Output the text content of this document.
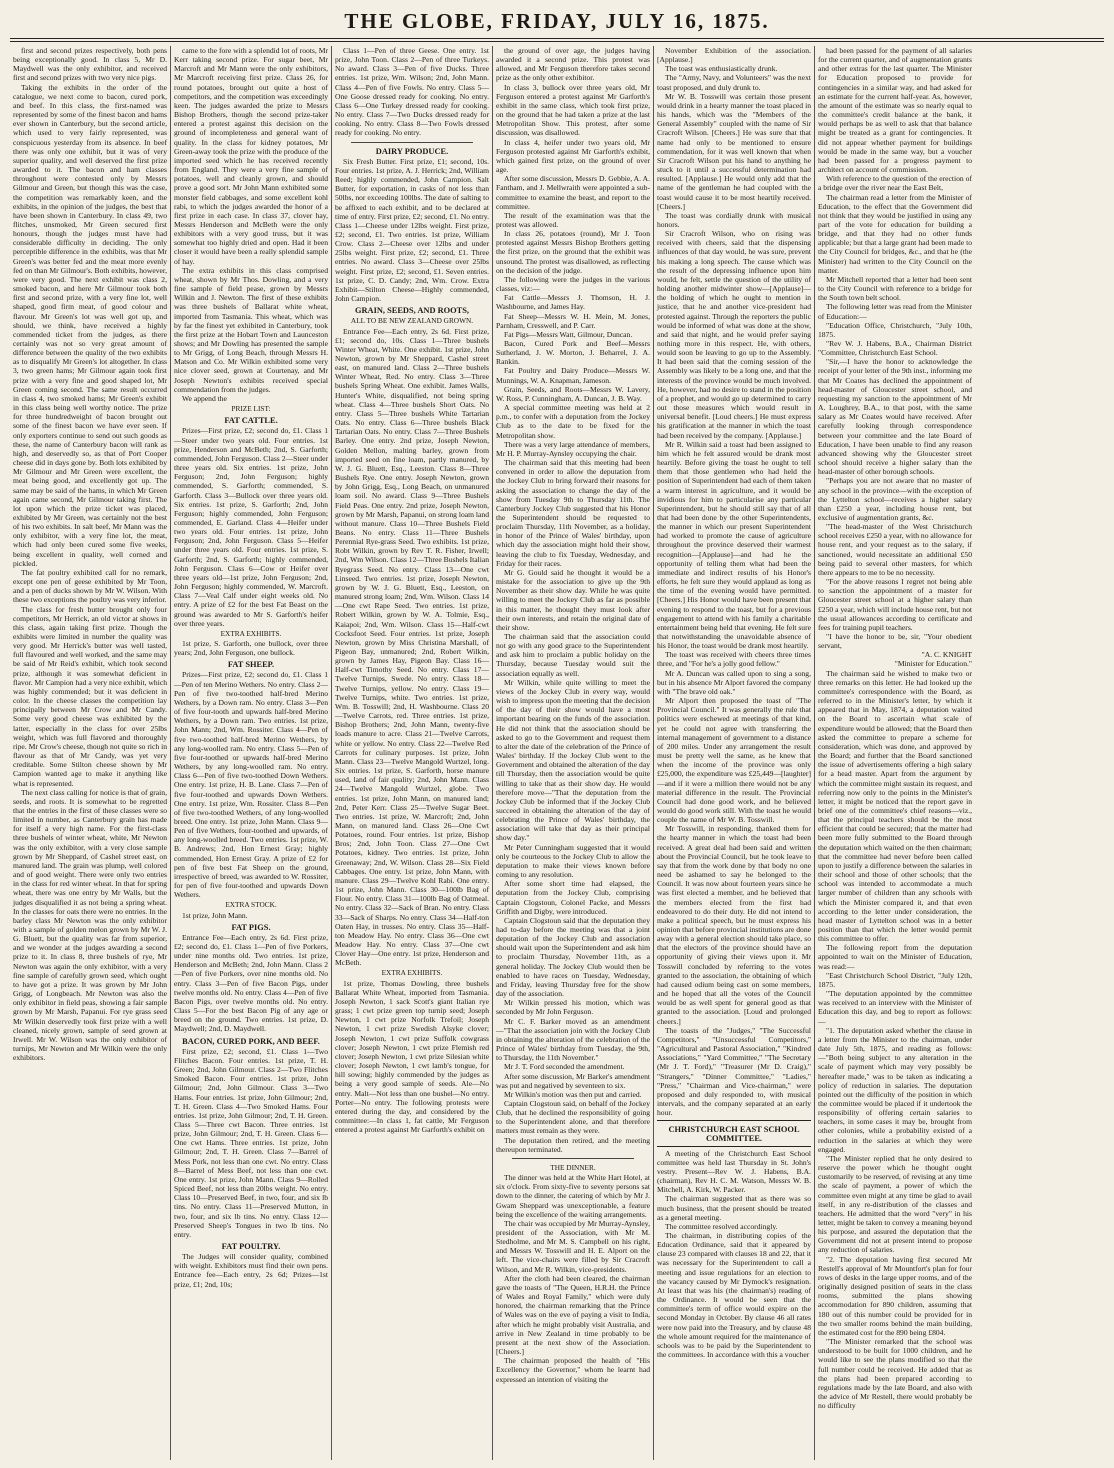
THE GLOBE, FRIDAY, JULY 16, 1875.

first and second prizes respectively, both pens being exceptionally good. In class 5, Mr D. Maydwell was the only exhibitor, and received first and second prizes with two very nice pigs.

Taking the exhibits in the order of the catalogue, we next come to bacon, cured pork, and beef. In this class, the first-named was represented by some of the finest bacon and hams ever shown in Canterbury, but the second article, which used to very fairly represented, was conspicuous yesterday from its absence. In beef there was only one exhibit, but it was of very superior quality, and well deserved the first prize awarded to it. The bacon and ham classes throughout were contested only by Messrs Gilmour and Green, but though this was the case, the competition was remarkably keen, and the exhibits, in the opinion of the judges, the best that have been shown in Canterbury. In class 49, two flitches, unsmoked, Mr Green secured first honours, though the judges must have had considerable difficulty in deciding. The only perceptible difference in the exhibits, was that Mr Green's was better fed and the meat more evenly fed on than Mr Gilmour's. Both exhibits, however, were very good. The next exhibit was class 2, smoked bacon, and here Mr Gilmour took both first and second prize, with a very fine lot, well shaped, good firm meat, of good colour and flavour. Mr Green's lot was well got up, and should, we think, have received a highly commended ticket from the judges, as there certainly was not so very great amount of difference between the quality of the two exhibits as to disqualify Mr Green's lot altogether. In class 3, two green hams; Mr Gilmour again took first prize with a very fine and good shaped lot, Mr Green coming second. The same result occurred in class 4, two smoked hams; Mr Green's exhibit in this class being well worthy notice. The prize for three hundredweight of bacon brought out some of the finest bacon we have ever seen. If only exporters continue to send out such goods as these, the name of Canterbury bacon will rank as high, and deservedly so, as that of Port Cooper cheese did in days gone by. Both lots exhibited by Mr Gilmour and Mr Green were excellent, the meat being good, and excellently got up. The same may be said of the hams, in which Mr Green again came second, Mr Gilmour taking first. The lot upon which the prize ticket was placed, exhibited by Mr Green, was certainly not the best of his two exhibits. In salt beef, Mr Mann was the only exhibitor, with a very fine lot, the meat, which had only been cured some five weeks, being excellent in quality, well corned and pickled.

The fat poultry exhibited call for no remark, except one pen of geese exhibited by Mr Toon, and a pen of ducks shown by Mr W. Wilson. With these two exceptions the poultry was very inferior.

The class for fresh butter brought only four competitors, Mr Herrick, an old victor at shows in this class, again taking first prize. Though the exhibits were limited in number the quality was very good. Mr Herrick's butter was well tasted, full flavoured and well worked, and the same may be said of Mr Reid's exhibit, which took second prize, although it was somewhat deficient in flavor. Mr Campion had a very nice exhibit, which was highly commended; but it was deficient in color. In the cheese classes the competition lay principally between Mr Crow and Mr Candy. Some very good cheese was exhibited by the latter, especially in the class for over 25lbs weight, which was full flavored and thoroughly ripe. Mr Crow's cheese, though not quite so rich in flavour as that of Mr Candy, was yet very creditable. Some Stilton cheese shown by Mr Campion wanted age to make it anything like what is represented.

The next class calling for notice is that of grain, seeds, and roots. It is somewhat to be regretted that the entries in the first of these classes were so limited in number, as Canterbury grain has made for itself a very high name. For the first-class three bushels of winter wheat, white, Mr Newton was the only exhibitor, with a very close sample grown by Mr Sheppard, of Cashel street east, on manured land. The grain was plump, well colored and of good weight. There were only two entries in the class for red winter wheat. In that for spring wheat, there was one entry by Mr Walls, but the judges disqualified it as not being a spring wheat. In the classes for oats there were no entries. In the barley class Mr Newton was the only exhibitor with a sample of golden melon grown by Mr W. J. G. Bluett, but the quality was far from superior, and we wonder at the judges awarding a second prize to it. In class 8, three bushels of rye, Mr Newton was again the only exhibitor, with a very fine sample of carefully grown seed, which ought to have got a prize. It was grown by Mr John Grigg, of Longbeach. Mr Newton was also the only exhibitor in field peas, showing a fair sample grown by Mr Marsh, Papanui. For rye grass seed Mr Wilkin deservedly took first prize with a well cleaned, nicely grown, sample of seed grown at Irwell. Mr W. Wilson was the only exhibitor of turnips, Mr Newton and Mr Wilkin were the only exhibitors.

came to the fore with a splendid lot of roots, Mr Kerr taking second prize. For sugar beet, Mr Marcroft and Mr Mann were the only exhibitors, Mr Marcroft receiving first prize. Class 26, for round potatoes, brought out quite a host of competitors, and the competition was exceedingly keen. The judges awarded the prize to Messrs Bishop Brothers, though the second prize-taker entered a protest against this decision on the ground of incompleteness and general want of quality. In the class for kidney potatoes, Mr Green-away took the prize with the produce of the imported seed which he has received recently from England. They were a very fine sample of potatoes, well and cleanly grown, and should prove a good sort. Mr John Mann exhibited some monster field cabbages, and some excellent kohl rabi, to which the judges awarded the honor of a first prize in each case. In class 37, clover hay, Messrs Henderson and McBeth were the only exhibitors with a very good truss, but it was somewhat too highly dried and open. Had it been closer it would have been a really splendid sample of hay.

The extra exhibits in this class comprised wheat, shown by Mr Thos. Dowling, and a very fine sample of field pease, grown by Messrs Wilkin and J. Newton. The first of these exhibits was three bushels of Ballarat white wheat, imported from Tasmania. This wheat, which was by far the finest yet exhibited in Canterbury, took the first prize at the Hobart Town and Launceston shows; and Mr Dowling has presented the sample to Mr Grigg, of Long Beach, through Messrs H. Matson and Co. Mr Wilkin exhibited some very nice clover seed, grown at Courtenay, and Mr Joseph Newton's exhibits received special commendation from the judges.

We append the

PRIZE LIST:
FAT CATTLE.

Prizes—First prize, £2; second do, £1. Class 1—Steer under two years old. Four entries. 1st prize, Henderson and McBeth; 2nd, S. Garforth; commended, John Ferguson. Class 2—Steer under three years old. Six entries. 1st prize, John Ferguson; 2nd, John Ferguson; highly commended, S. Garforth; commended, S. Garforth. Class 3—Bullock over three years old. Six entries. 1st prize, S. Garforth; 2nd, John Ferguson; highly commended, John Ferguson; commended, E. Garland. Class 4—Heifer under two years old. Four entries. 1st prize, John Ferguson; 2nd, John Ferguson. Class 5—Heifer under three years old. Four entries. 1st prize, S. Garforth; 2nd, S. Garforth; highly commended, John Ferguson. Class 6—Cow or Heifer over three years old—1st prize, John Ferguson; 2nd, John Ferguson; highly commended, W. Marcroft. Class 7—Veal Calf under eight weeks old. No entry. A prize of £2 for the best Fat Beast on the ground was awarded to Mr S. Garforth's heifer over three years.

EXTRA EXHIBITS.

1st prize, S. Garforth, one bullock, over three years; 2nd, John Ferguson, one bullock.

FAT SHEEP.

Prizes—First prize, £2; second do, £1. Class 1—Pen of ten Merino Wethers. No entry. Class 2—Pen of five two-toothed half-bred Merino Wethers, by a Down ram. No entry. Class 3—Pen of five four-tooth and upwards half-bred Merino Wethers, by a Down ram. Two entries. 1st prize, John Mann; 2nd, Wm. Rossiter. Class 4—Pen of five two-toothed half-bred Merino Wethers, by any long-woolled ram. No entry. Class 5—Pen of five four-toothed or upwards half-bred Merino Wethers, by any long-woolled ram. No entry. Class 6—Pen of five two-toothed Down Wethers. One entry. 1st prize, H. B. Lane. Class 7—Pen of five four-toothed and upwards Down Wethers. One entry. 1st prize, Wm. Rossiter. Class 8—Pen of five two-toothed Wethers, of any long-woolled breed. One entry. 1st prize, John Mann. Class 9—Pen of five Wethers, four-toothed and upwards, of any long-woolled breed. Two entries. 1st prize, W. B. Andrews; 2nd, Hon Ernest Gray; highly commended, Hon Ernest Gray. A prize of £2 for pen of five best Fat Sheep on the ground, irrespective of breed, was awarded to W. Rossiter, for pen of five four-toothed and upwards Down Wethers.

EXTRA STOCK.

1st prize, John Mann.

FAT PIGS.

Entrance Fee—Each entry, 2s 6d. First prize, £2; second do, £1. Class 1—Pen of five Porkers, under nine months old. Two entries. 1st prize, Henderson and McBeth; 2nd, John Mann. Class 2—Pen of five Porkers, over nine months old. No entry. Class 3—Pen of five Bacon Pigs, under twelve months old. No entry. Class 4—Pen of five Bacon Pigs, over twelve months old. No entry. Class 5—For the best Bacon Pig of any age or breed on the ground. Two entries. 1st prize, D. Maydwell; 2nd, D. Maydwell.

BACON, CURED PORK, AND BEEF.

First prize, £2; second, £1. Class 1—Two Flitches Bacon. Four entries. 1st prize, T. H. Green; 2nd, John Gilmour. Class 2—Two Flitches Smoked Bacon. Four entries. 1st prize, John Gilmour; 2nd, John Gilmour. Class 3—Two Hams. Four entries. 1st prize, John Gilmour; 2nd, T. H. Green. Class 4—Two Smoked Hams. Four entries. 1st prize, John Gilmour; 2nd, T. H. Green. Class 5—Three cwt Bacon. Three entries. 1st prize, John Gilmour; 2nd, T. H. Green. Class 6—One cwt Hams. Three entries. 1st prize, John Gilmour; 2nd, T. H. Green. Class 7—Barrel of Mess Pork, not less than one cwt. No entry. Class 8—Barrel of Mess Beef, not less than one cwt. One entry. 1st prize, John Mann. Class 9—Rolled Spiced Beef, not less than 20lbs weight. No entry. Class 10—Preserved Beef, in two, four, and six lb tins. No entry. Class 11—Preserved Mutton, in two, four, and six lb tins. No entry. Class 12—Preserved Sheep's Tongues in two lb tins. No entry.

FAT POULTRY.

The Judges will consider quality, combined with weight. Exhibitors must find their own pens. Entrance fee—Each entry, 2s 6d; Prizes—1st prize, £1; 2nd, 10s;

Class 1—Pen of three Geese. One entry. 1st prize, John Toon. Class 2—Pen of three Turkeys. No award. Class 3—Pen of five Ducks. Three entries. 1st prize, Wm. Wilson; 2nd, John Mann. Class 4—Pen of five Fowls. No entry. Class 5—One Goose dressed ready for cooking. No entry. Class 6—One Turkey dressed ready for cooking. No entry. Class 7—Two Ducks dressed ready for cooking. No entry. Class 8—Two Fowls dressed ready for cooking. No entry.

DAIRY PRODUCE.

Six Fresh Butter. First prize, £1; second, 10s. Four entries. 1st prize, A. J. Herrick; 2nd, William Reed; highly commended, John Campion. Salt Butter, for exportation, in casks of not less than 50lbs, nor exceeding 100lbs. The date of salting to be affixed to each exhibit, and to be declared at time of entry. First prize, £2; second, £1. No entry. Class 1—Cheese under 12lbs weight. First prize, £2; second, £1. Two entries. 1st prize, William Crow. Class 2—Cheese over 12lbs and under 25lbs weight. First prize, £2; second, £1. Three entries. No award. Class 3—Cheese over 25lbs weight. First prize, £2; second, £1. Seven entries. 1st prize, C. D. Candy; 2nd, Wm. Crow. Extra Exhibit—Stilton Cheese—Highly commended, John Campion.

GRAIN, SEEDS, AND ROOTS,
ALL TO BE NEW ZEALAND GROWN.

Entrance Fee—Each entry, 2s 6d. First prize, £1; second do, 10s. Class 1—Three bushels Winter Wheat, White. One exhibit. 1st prize, John Newton, grown by Mr Sheppard, Cashel street east, on manured land. Class 2—Three bushels Winter Wheat, Red. No entry. Class 3—Three bushels Spring Wheat. One exhibit. James Walls, Hunter's White, disqualified, not being spring wheat. Class 4—Three bushels Short Oats. No entry. Class 5—Three bushels White Tartarian Oats. No entry. Class 6—Three bushels Black Tartarian Oats. No entry. Class 7—Three Bushels Barley. One entry. 2nd prize, Joseph Newton, Golden Mellon, malting barley, grown from imported seed on fine loam, partly manured, by W. J. G. Bluett, Esq., Leeston. Class 8—Three Bushels Rye. One entry. Joseph Newton, grown by John Grigg, Esq., Long Beach, on unmanured loam soil. No award. Class 9—Three Bushels Field Peas. One entry. 2nd prize, Joseph Newton, grown by Mr Marsh, Papanui, on strong loam land without manure. Class 10—Three Bushels Field Beans. No entry. Class 11—Three Bushels Perennial Rye-grass Seed. Two exhibits. 1st prize, Robt Wilkin, grown by Rev T. R. Fisher, Irwell; 2nd, Wm Wilson. Class 12—Three Bushels Italian Ryegrass Seed. No entry. Class 13—One cwt Linseed. Two entries. 1st prize, Joseph Newton, grown by W. J. G. Bluett, Esq., Leeston, on manured strong loam; 2nd, Wm. Wilson. Class 14—One cwt Rape Seed. Two entries. 1st prize, Robert Wilkin, grown by W. A. Tolmie, Esq., Kaiapoi; 2nd, Wm. Wilson. Class 15—Half-cwt Cocksfoot Seed. Four entries. 1st prize, Joseph Newton, grown by Miss Christina Marshall, of Pigeon Bay, unmanured; 2nd, Robert Wilkin, grown by James Hay, Pigeon Bay. Class 16—Half-cwt Timothy Seed. No entry. Class 17—Twelve Turnips, Swede. No entry. Class 18—Twelve Turnips, yellow. No entry. Class 19—Twelve Turnips, white. Two entries. 1st prize, Wm. B. Tosswill; 2nd, H. Washbourne. Class 20—Twelve Carrots, red. Three entries. 1st prize, Bishop Brothers; 2nd, John Mann, twenty-five loads manure to acre. Class 21—Twelve Carrots, white or yellow. No entry. Class 22—Twelve Red Carrots for culinary purposes. 1st prize, John Mann. Class 23—Twelve Mangold Wurtzel, long. Six entries. 1st prize, S. Garforth, horse manure used, land of fair quality; 2nd, John Mann. Class 24—Twelve Mangold Wurtzel, globe. Two entries. 1st prize, John Mann, on manured land; 2nd, Peter Kerr. Class 25—Twelve Sugar Beet. Two entries. 1st prize, W. Marcroft; 2nd, John Mann, on manured land. Class 26—One Cwt Potatoes, round. Four entries. 1st prize, Bishop Bros; 2nd, John Toon. Class 27—One Cwt Potatoes, kidney. Two entries. 1st prize, John Greenaway; 2nd, W. Wilson. Class 28—Six Field Cabbages. One entry. 1st prize, John Mann, with manure. Class 29—Twelve Kohl Rabi. One entry. 1st prize, John Mann. Class 30—100lb Bag of Flour. No entry. Class 31—100lb Bag of Oatmeal. No entry. Class 32—Sack of Bran. No entry. Class 33—Sack of Sharps. No entry. Class 34—Half-ton Oaten Hay, in trusses. No entry. Class 35—Half-ton Meadow Hay. No entry. Class 36—One cwt Meadow Hay. No entry. Class 37—One cwt Clover Hay—One entry. 1st prize, Henderson and McBeth.

EXTRA EXHIBITS.

1st prize, Thomas Dowling, three bushels Ballarat White Wheat, imported from Tasmania. Joseph Newton, 1 sack Scott's giant Italian rye grass; 1 cwt prize green top turnip seed; Joseph Newton, 1 cwt prize Norfolk Trefoil; Joseph Newton, 1 cwt prize Swedish Alsyke clover; Joseph Newton, 1 cwt prize Suffolk cowgrass clover; Joseph Newton, 1 cwt prize Flemish red clover; Joseph Newton, 1 cwt prize Silesian white clover; Joseph Newton, 1 cwt lamb's tongue, for hill sowing; highly commended by the judges as being a very good sample of seeds. Ale—No entry. Malt—Not less than one bushel—No entry. Porter—No entry. The following protests were entered during the day, and considered by the committee:—In class 1, fat cattle, Mr Ferguson entered a protest against Mr Garforth's exhibit on

the ground of over age, the judges having awarded it a second prize. This protest was allowed, and Mr Ferguson therefore takes second prize as the only other exhibitor.

In class 3, bullock over three years old, Mr Ferguson entered a protest against Mr Garforth's exhibit in the same class, which took first prize, on the ground that he had taken a prize at the last Metropolitan Show. This protest, after some discussion, was disallowed.

In class 4, heifer under two years old, Mr Ferguson protested against Mr Garforth's exhibit, which gained first prize, on the ground of over age.

After some discussion, Messrs D. Gebbie, A. A. Fantham, and J. Mellwraith were appointed a sub-committee to examine the beast, and report to the committee.

The result of the examination was that the protest was allowed.

In class 26, potatoes (round), Mr J. Toon protested against Messrs Bishop Brothers getting the first prize, on the ground that the exhibit was unsound. The protest was disallowed, as reflecting on the decision of the judge.

The following were the judges in the various classes, viz:—

Fat Cattle—Messrs J. Thomson, H. J. Washbourne, and James Hay.

Fat Sheep—Messrs W. H. Mein, M. Jones, Parnham, Cresswell, and P. Carr.

Fat Pigs—Messrs Watt, Gilmour, Duncan.

Bacon, Cured Pork and Beef—Messrs Sutherland, J. W. Morton, J. Beharrel, J. A. Rankin.

Fat Poultry and Dairy Produce—Messrs W. Munnings, W. A. Knapman, Jameson.

Grain, Seeds, and Roots—Messrs W. Lavery, W. Ross, P. Cunningham, A. Duncan, J. B. Way.

A special committee meeting was held at 2 p.m., to confer with a deputation from the Jockey Club as to the date to be fixed for the Metropolitan show.

There was a very large attendance of members, Mr H. P. Murray-Aynsley occupying the chair.

The chairman said that this meeting had been convened in order to allow the deputation from the Jockey Club to bring forward their reasons for asking the association to change the day of the show from Tuesday 9th to Thursday 11th. The Canterbury Jockey Club suggested that his Honor the Superintendent should be requested to proclaim Thursday, 11th November, as a holiday, in honor of the Prince of Wales' birthday, upon which day the association might hold their show, leaving the club to fix Tuesday, Wednesday, and Friday for their races.

Mr G. Gould said he thought it would be a mistake for the association to give up the 9th November as their show day. While he was quite willing to meet the Jockey Club as far as possible in this matter, he thought they must look after their own interests, and retain the original date of their show.

The chairman said that the association could not go with any good grace to the Superintendent and ask him to proclaim a public holiday on the Thursday, because Tuesday would suit the association equally as well.

Mr Wilkin, while quite willing to meet the views of the Jockey Club in every way, would wish to impress upon the meeting that the decision of the day of their show would have a most important bearing on the funds of the association. He did not think that the association should be asked to go to the Government and request them to alter the date of the celebration of the Prince of Wales' birthday. If the Jockey Club went to the Government and obtained the alteration of the day till Thursday, then the association would be quite willing to take that as their show day. He would therefore move—"That the deputation from the Jockey Club be informed that if the Jockey Club succeed in obtaining the alteration of the day of celebrating the Prince of Wales' birthday, the association will take that day as their principal show day."

Mr Peter Cunningham suggested that it would only be courteous to the Jockey Club to allow the deputation to make their views known before coming to any resolution.

After some short time had elapsed, the deputation from the Jockey Club, comprising Captain Clogstoun, Colonel Packe, and Messrs Griffith and Digby, were introduced.

Captain Clogstoun said that the deputation they had to-day before the meeting was that a joint deputation of the Jockey Club and association should wait upon the Superintendent and ask him to proclaim Thursday, November 11th, as a general holiday. The Jockey Club would then be enabled to have races on Tuesday, Wednesday, and Friday, leaving Thursday free for the show day of the association.

Mr Wilkin pressed his motion, which was seconded by Mr John Ferguson.

Mr C. F. Barker moved as an amendment—"That the association join with the Jockey Club in obtaining the alteration of the celebration of the Prince of Wales' birthday from Tuesday, the 9th, to Thursday, the 11th November."

Mr J. T. Ford seconded the amendment.

After some discussion, Mr Barker's amendment was put and negatived by seventeen to six.

Mr Wilkin's motion was then put and carried.

Captain Clogstoun said, on behalf of the Jockey Club, that he declined the responsibility of going to the Superintendent alone, and that therefore matters must remain as they were.

The deputation then retired, and the meeting thereupon terminated.

THE DINNER.

The dinner was held at the White Hart Hotel, at six o'clock. From sixty-five to seventy persons sat down to the dinner, the catering of which by Mr J. Gwam Sheppard was unexceptionable, a feature being the excellence of the waiting arrangements.

The chair was occupied by Mr Murray-Aynsley, president of the Association, with Mr M. Stedholme, and Mr M. S. Campbell on his right, and Messrs W. Tosswill and H. E. Alport on the left. The vice-chairs were filled by Sir Cracroft Wilson, and Mr R. Wilkin, vice-presidents.

After the cloth had been cleared, the chairman gave the toasts of "The Queen, H.R.H. the Prince of Wales and Royal Family," which were duly honored, the chairman remarking that the Prince of Wales was on the eve of paying a visit to India, after which he might probably visit Australia, and arrive in New Zealand in time probably to be present at the next show of the Association. [Cheers.]

The chairman proposed the health of "His Excellency the Governor," whom he learnt had expressed an intention of visiting the

November Exhibition of the association. [Applause.]

The toast was enthusiastically drunk.

The "Army, Navy, and Volunteers" was the next toast proposed, and duly drunk to.

Mr W. B. Tosswill was certain those present would drink in a hearty manner the toast placed in his hands, which was the "Members of the General Assembly" coupled with the name of Sir Cracroft Wilson. [Cheers.] He was sure that that name had only to be mentioned to ensure commendation, for it was well known that when Sir Cracroft Wilson put his hand to anything he stuck to it until a successful determination had resulted. [Applause.] He would only add that the name of the gentleman he had coupled with the toast would cause it to be most heartily received. [Cheers.]

The toast was cordially drunk with musical honors.

Sir Cracroft Wilson, who on rising was received with cheers, said that the dispensing influences of that day would, he was sure, prevent his making a long speech. The cause which was the result of the depressing influence upon him would, he felt, settle the question of the utility of holding another midwinter show—[Applause]—the holding of which he ought to mention in justice, that he and another vice-president had protested against. Through the reporters the public would be informed of what was done at the show, and said that night, and he would prefer saying nothing more in this respect. He, with others, would soon be leaving to go up to the Assembly. It had been said that the coming session of the Assembly was likely to be a long one, and that the interests of the province would be much involved. He, however, had no desire to stand in the position of a prophet, and would go up determined to carry out those measures which would result in universal benefit. [Loud cheers.] He must express his gratification at the manner in which the toast had been received by the company. [Applause.]

Mr R. Wilkin said a toast had been assigned to him which he felt assured would be drank most heartily. Before giving the toast he ought to tell them that those gentlemen who had held the position of Superintendent had each of them taken a warm interest in agriculture, and it would be invidious for him to particularise any particular Superintendent, but he should still say that of all that had been done by the other Superintendents, the manner in which our present Superintendent had worked to promote the cause of agriculture throughout the province deserved their warmest recognition—[Applause]—and had he the opportunity of telling them what had been the immediate and indirect results of his Honor's efforts, he felt sure they would applaud as long as the time of the evening would have permitted. [Cheers.] His Honor would have been present that evening to respond to the toast, but for a previous engagement to attend with his family a charitable entertainment being held that evening. He felt sure that notwithstanding the unavoidable absence of his Honor, the toast would be drank most heartily.

The toast was received with cheers three times three, and "For he's a jolly good fellow."

Mr A. Duncan was called upon to sing a song, but in his absence Mr Alport favored the company with "The brave old oak."

Mr Alport then proposed the toast of "The Provincial Council." It was generally the rule that politics were eschewed at meetings of that kind, yet he could not agree with transferring the internal management of government to a distance of 200 miles. Under any arrangement the result must be pretty well the same, as he knew that when the income of the province was only £25,000, the expenditure was £25,449—[laughter]—and if it were a million there would not be any material difference in the result. The Provincial Council had done good work, and he believed would do good work still. With the toast he would couple the name of Mr W. B. Tosswill.

Mr Tosswill, in responding, thanked them for the hearty manner in which the toast had been received. A great deal had been said and written about the Provincial Council, but he took leave to say that from the work done by that body no one need be ashamed to say he belonged to the Council. It was now about fourteen years since he was first elected a member, and he believed that the members elected from the first had endeavored to do their duty. He did not intend to make a political speech, but he must express his opinion that before provincial institutions are done away with a general election should take place, so that the electors of the province should have an opportunity of giving their views upon it. Mr Tosswill concluded by referring to the votes granted to the association, the obtaining of which had caused odium being cast on some members, and he hoped that all the votes of the Council would be as well spent for general good as that granted to the association. [Loud and prolonged cheers.]

The toasts of the "Judges," "The Successful Competitors," "Unsuccessful Competitors," "Agricultural and Pastoral Association," "Kindred Associations," "Yard Committee," "The Secretary (Mr J. T. Ford)," "Treasurer (Mr D. Craig)," "Strangers," "Dinner Committee," "Ladies," "Press," "Chairman and Vice-chairman," were proposed and duly responded to, with musical intervals, and the company separated at an early hour.

CHRISTCHURCH EAST SCHOOL COMMITTEE.

A meeting of the Christchurch East School committee was held last Thursday in St. John's vestry. Present—Rev W. J. Habens, B.A. (chairman), Rev H. C. M. Watson, Messrs W. B. Mitchell, A. Kirk, W. Packer.

The chairman suggested that as there was so much business, that the present should be treated as a general meeting.

The committee resolved accordingly.

The chairman, in distributing copies of the Education Ordinance, said that it appeared by clause 23 compared with clauses 18 and 22, that it was necessary for the Superintendent to call a meeting and issue regulations for an election to the vacancy caused by Mr Dymock's resignation. At least that was his (the chairman's) reading of the Ordinance. It would be seen that the committee's term of office would expire on the second Monday in October. By clause 46 all rates were now paid into the Treasury, and by clause 48 the whole amount required for the maintenance of schools was to be paid by the Superintendent to the committees. In accordance with this a voucher

had been passed for the payment of all salaries for the current quarter, and of augmentation grants and other extras for the last quarter. The Minister for Education proposed to provide for contingencies in a similar way, and had asked for an estimate for the current half-year. As, however, the amount of the estimate was so nearly equal to the committee's credit balance at the bank, it would perhaps be as well to ask that that balance might be treated as a grant for contingencies. It did not appear whether payment for buildings would be made in the same way, but a voucher had been passed for a progress payment to architect on account of commission.

With reference to the question of the erection of a bridge over the river near the East Belt,

The chairman read a letter from the Minister of Education, to the effect that the Government did not think that they would be justified in using any part of the vote for education for building a bridge, and that they had no other funds applicable; but that a large grant had been made to the City Council for bridges, &c., and that he (the Minister) had written to the City Council on the matter.

Mr Mitchell reported that a letter had been sent to the City Council with reference to a bridge for the South town belt school.

The following letter was read from the Minister of Education:—

"Education Office, Christchurch, "July 10th, 1875.

"Rev W. J. Habens, B.A., Chairman District "Committee, Christchurch East School.

"Sir,—I have the honor to acknowledge the receipt of your letter of the 9th inst., informing me that Mr Coates has declined the appointment of head-master of Gloucester street school, and requesting my sanction to the appointment of Mr A. Loughrey, B.A., to that post, with the same salary as Mr Coates would have received. After carefully looking through correspondence between your committee and the late Board of Education, I have been unable to find any reason advanced showing why the Gloucester street school should receive a higher salary than the head-master of other borough schools.

"Perhaps you are not aware that no master of any school in the province—with the exception of the Lyttelton school—receives a higher salary than £250 a year, including house rent, but exclusive of augmentation grants, &c.

"The head-master of the West Christchurch school receives £250 a year, with no allowance for house rent, and your request as to the salary, if sanctioned, would necessitate an additional £50 being paid to several other masters, for which there appears to me to be no necessity.

"For the above reasons I regret not being able to sanction the appointment of a master for Gloucester street school at a higher salary than £250 a year, which will include house rent, but not the usual allowances according to certificate and fees for training pupil teachers.

"I have the honor to be, sir, "Your obedient servant,

"A. C. KNIGHT

"Minister for Education."

The chairman said he wished to make two or three remarks on this letter. He had looked up the committee's correspondence with the Board, as referred to in the Minister's letter, by which it appeared that in May, 1874, a deputation waited on the Board to ascertain what scale of expenditure would be allowed; that the Board then asked the committee to prepare a scheme for consideration, which was done, and approved by the Board; and further that the Board sanctioned the issue of advertisements offering a high salary for a head master. Apart from the argument by which the committee might sustain its request, and referring now only to the points in the Minister's letter, it might be noticed that the report gave in brief one of the committee's chief reasons—viz., that the principal teachers should be the most efficient that could be secured; that the matter had been more fully submitted to the Board through the deputation which waited on the then chairman; that the committee had never before been called upon to justify a difference between the salaries in their school and those of other schools; that the school was intended to accommodate a much larger number of children than any schools with which the Minister compared it, and that even according to the letter under consideration, the head master of Lyttelton school was in a better position than that which the letter would permit this committee to offer.

The following report from the deputation appointed to wait on the Minister of Education, was read:—

"East Christchurch School District, "July 12th, 1875.

"The deputation appointed by the committee was received to an interview with the Minister of Education this day, and beg to report as follows:—

"1. The deputation asked whether the clause in a letter from the Minister to the chairman, under date July 5th, 1875, and reading as follows:—"Both being subject to any alteration in the scale of payment which may very possibly be hereafter made," was to be taken as indicating a policy of reduction in salaries. The deputation pointed out the difficulty of the position in which the committee would be placed if it undertook the responsibility of offering certain salaries to teachers, in some cases it may be, brought from other colonies, while a probability existed of a reduction in the salaries at which they were engaged.

"The Minister replied that he only desired to reserve the power which he thought ought customarily to be reserved, of revising at any time the scale of payment, a power of which the committee even might at any time be glad to avail itself, in any re-distribution of the classes and teachers. He admitted that the word "very" in his letter, might be taken to convey a meaning beyond his purpose, and assured the deputation that the Government did not at present intend to propose any reduction of salaries.

"2. The deputation having first secured Mr Restell's approval of Mr Mountfort's plan for four rows of desks in the large upper rooms, and of the originally designed position of seats in the class rooms, submitted the plans showing accommodation for 890 children, assuming that 180 out of this number could be provided for in the two smaller rooms behind the main building, the estimated cost for the 890 being £804.

"The Minister remarked that the school was understood to be built for 1000 children, and he would like to see the plans modified so that the full number could be received. He added that as the plans had been prepared according to regulations made by the late Board, and also with the advice of Mr Restell, there would probably be no difficulty
